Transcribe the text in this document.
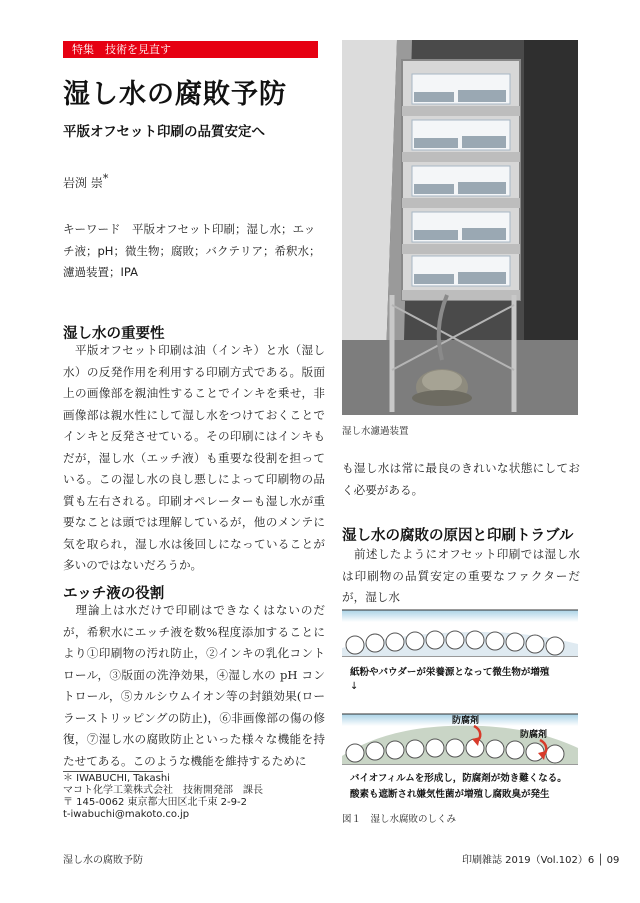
特集　技術を見直す
湿し水の腐敗予防
平版オフセット印刷の品質安定へ
岩渕 崇*
キーワード　平版オフセット印刷；湿し水；エッチ液；pH；微生物；腐敗；バクテリア；希釈水；濾過装置；IPA
湿し水の重要性
平版オフセット印刷は油（インキ）と水（湿し水）の反発作用を利用する印刷方式である。版面上の画像部を親油性することでインキを乗せ，非画像部は親水性にして湿し水をつけておくことでインキと反発させている。その印刷にはインキもだが，湿し水（エッチ液）も重要な役割を担っている。この湿し水の良し悪しによって印刷物の品質も左右される。印刷オペレーターも湿し水が重要なことは頭では理解しているが，他のメンテに気を取られ，湿し水は後回しになっていることが多いのではないだろうか。
エッチ液の役割
理論上は水だけで印刷はできなくはないのだが，希釈水にエッチ液を数%程度添加することにより①印刷物の汚れ防止，②インキの乳化コントロール，③版面の洗浄効果，④湿し水の pH コントロール，⑤カルシウムイオン等の封鎖効果(ローラーストリッピングの防止)，⑥非画像部の傷の修復，⑦湿し水の腐敗防止といった様々な機能を持たせてある。このような機能を維持するために
＊ IWABUCHI, Takashi
マコト化学工業株式会社　技術開発部　課長
〒 145-0062 東京都大田区北千束 2-9-2
t-iwabuchi@makoto.co.jp
湿し水濾過装置
も湿し水は常に最良のきれいな状態にしておく必要がある。
湿し水の腐敗の原因と印刷トラブル
前述したようにオフセット印刷では湿し水は印刷物の品質安定の重要なファクターだが，湿し水
紙粉やパウダーが栄養源となって微生物が増殖
↓
防腐剤
防腐剤
バイオフィルムを形成し，防腐剤が効き難くなる。
酸素も遮断され嫌気性菌が増殖し腐敗臭が発生
図１　湿し水腐敗のしくみ
湿し水の腐敗予防	印刷雑誌 2019（Vol.102）6 │ 09
